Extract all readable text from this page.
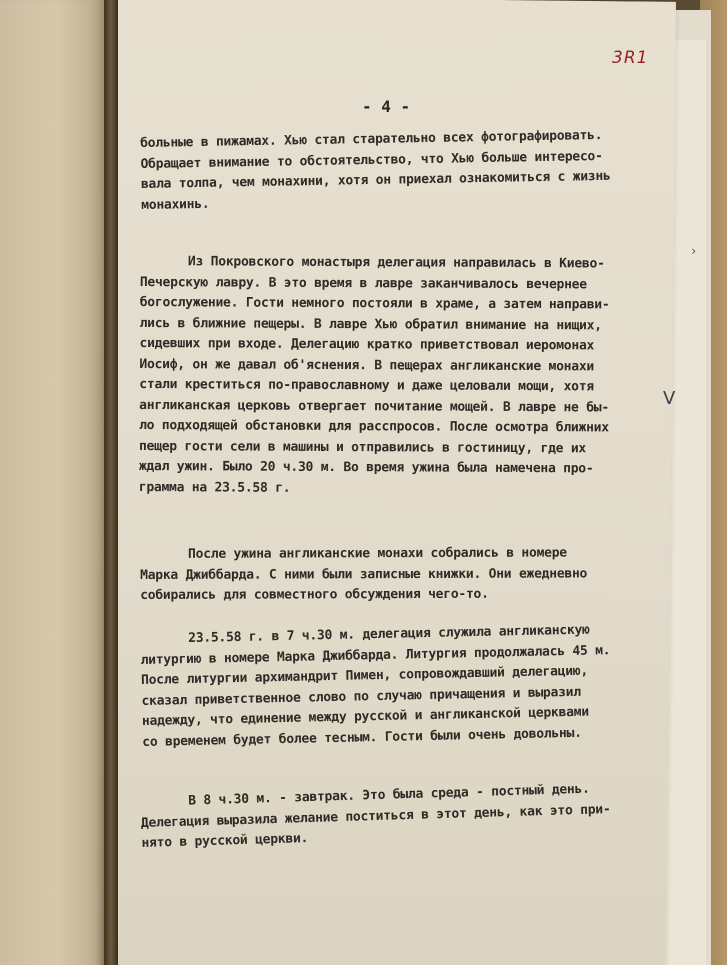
3R1
- 4 -
›
больные в пижамах. Хью стал старательно всех фотографировать.
Обращает внимание то обстоятельство, что Хью больше интересо-
вала толпа, чем монахини, хотя он приехал ознакомиться с жизнь
монахинь.
Из Покровского монастыря делегация направилась в Киево-
Печерскую лавру. В это время в лавре заканчивалось вечернее
богослужение. Гости немного постояли в храме, а затем направи-
лись в ближние пещеры. В лавре Хью обратил внимание на нищих,
сидевших при входе. Делегацию кратко приветствовал иеромонах
Иосиф, он же давал об'яснения. В пещерах англиканские монахи
стали креститься по-православному и даже целовали мощи, хотя
англиканская церковь отвергает почитание мощей. В лавре не бы-
ло подходящей обстановки для расспросов. После осмотра ближних
пещер гости сели в машины и отправились в гостиницу, где их
ждал ужин. Было 20 ч.30 м. Во время ужина была намечена про-
грамма на 23.5.58 г.
После ужина англиканские монахи собрались в номере
Марка Джиббарда. С ними были записные книжки. Они ежедневно
собирались для совместного обсуждения чего-то.
23.5.58 г. в 7 ч.30 м. делегация служила англиканскую
литургию в номере Марка Джиббарда. Литургия продолжалась 45 м.
После литургии архимандрит Пимен, сопровождавший делегацию,
сказал приветственное слово по случаю причащения и выразил
надежду, что единение между русской и англиканской церквами
со временем будет более тесным. Гости были очень довольны.
В 8 ч.30 м. - завтрак. Это была среда - постный день.
Делегация выразила желание поститься в этот день, как это при-
нято в русской церкви.
V
